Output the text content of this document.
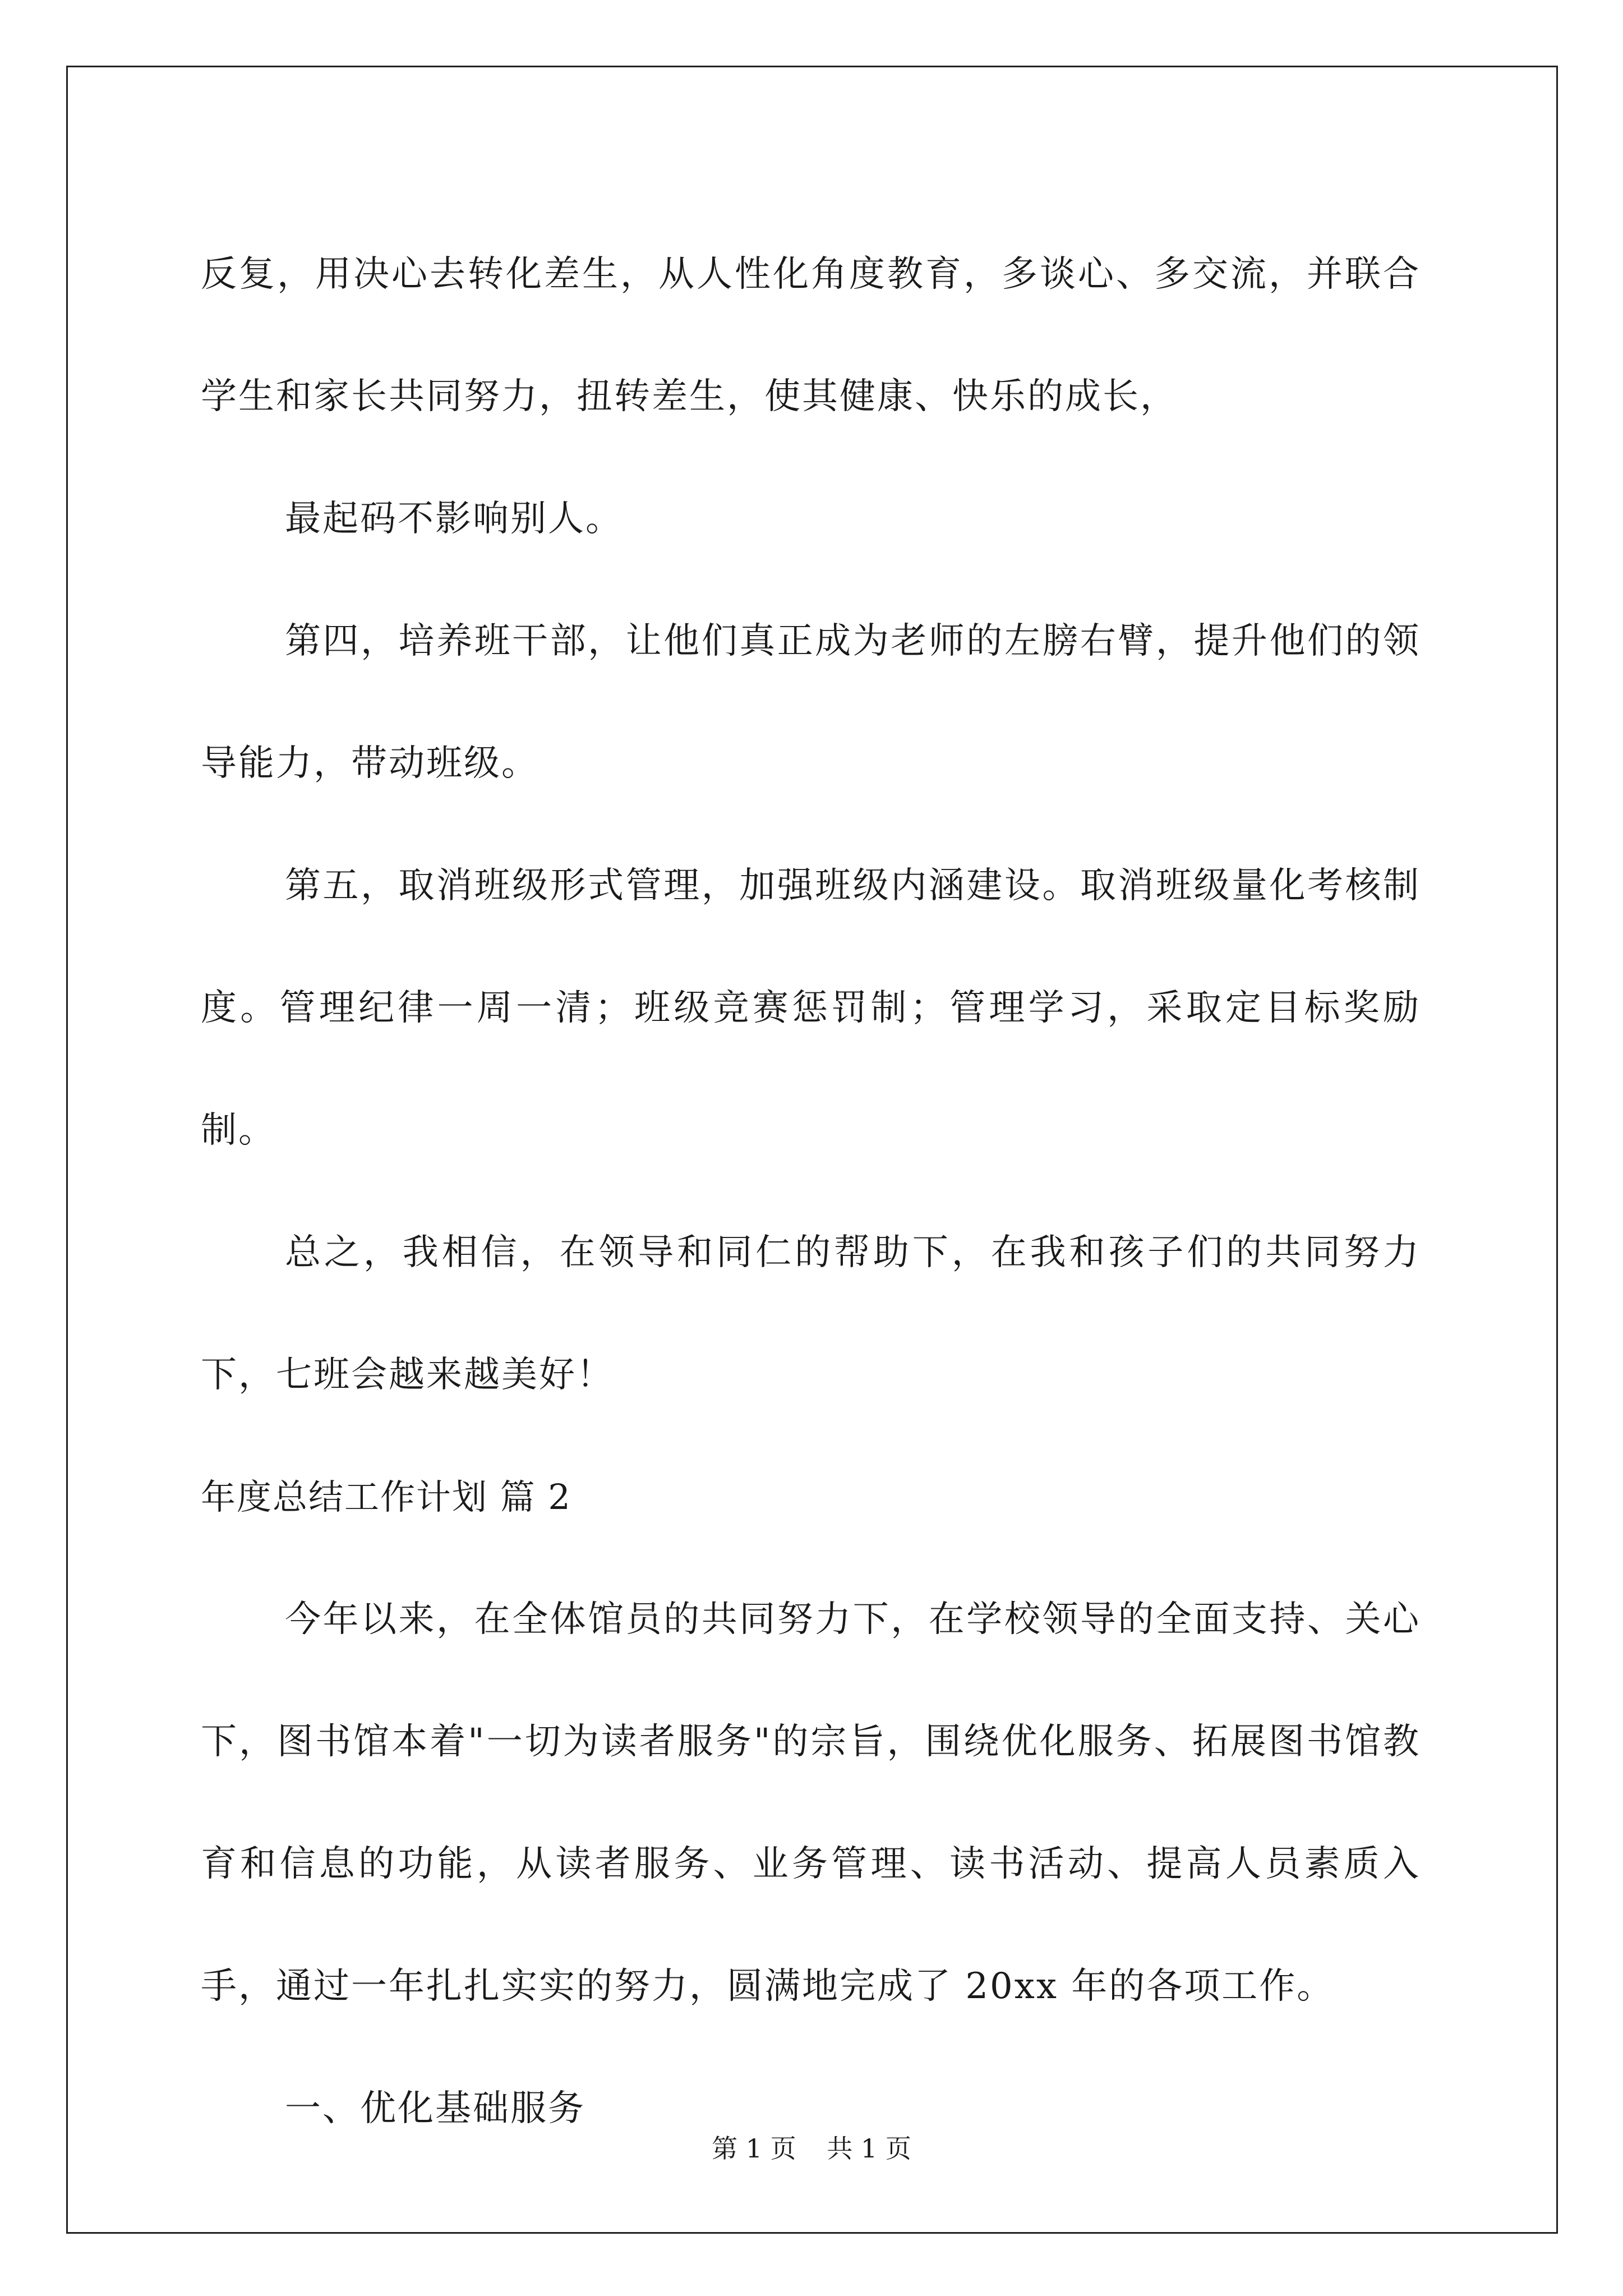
反复，用决心去转化差生，从人性化角度教育，多谈心、多交流，并联合学生和家长共同努力，扭转差生，使其健康、快乐的成长，

最起码不影响别人。

第四，培养班干部，让他们真正成为老师的左膀右臂，提升他们的领导能力，带动班级。

第五，取消班级形式管理，加强班级内涵建设。取消班级量化考核制度。管理纪律一周一清；班级竞赛惩罚制；管理学习，采取定目标奖励制。

总之，我相信，在领导和同仁的帮助下，在我和孩子们的共同努力下，七班会越来越美好！

年度总结工作计划 篇 2

今年以来，在全体馆员的共同努力下，在学校领导的全面支持、关心下，图书馆本着"一切为读者服务"的宗旨，围绕优化服务、拓展图书馆教育和信息的功能，从读者服务、业务管理、读书活动、提高人员素质入手，通过一年扎扎实实的努力，圆满地完成了 20xx 年的各项工作。

一、优化基础服务

第 1 页 共 1 页
